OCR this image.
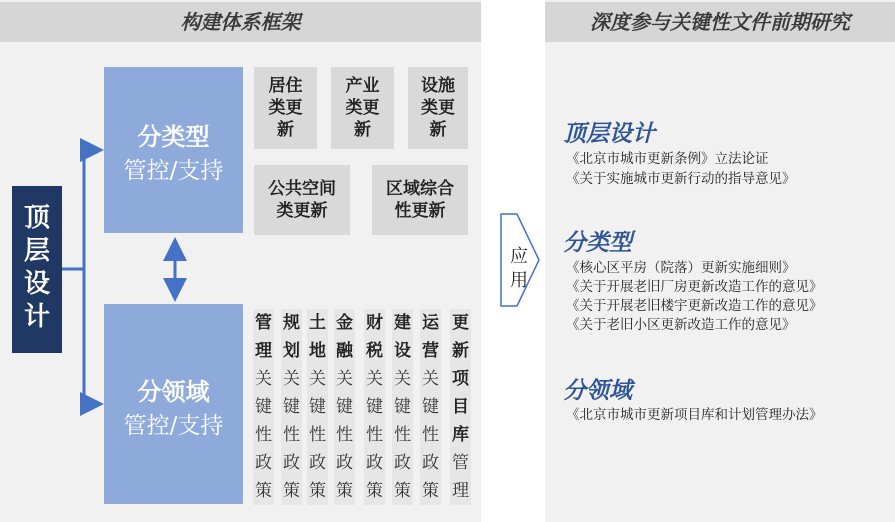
构建体系框架	深度参与关键性文件前期研究
顶层设计
分类型
管控/支持
分领域
管控/支持
居住类更新
产业类更新
设施类更新
公共空间类更新
区域综合性更新
管理
关键性政策
规划
关键性政策
土地
关键性政策
金融
关键性政策
财税
关键性政策
建设
关键性政策
运营
关键性政策
更新项目库
管理
应用
顶层设计
《北京市城市更新条例》立法论证
《关于实施城市更新行动的指导意见》
分类型
《核心区平房（院落）更新实施细则》
《关于开展老旧厂房更新改造工作的意见》
《关于开展老旧楼宇更新改造工作的意见》
《关于老旧小区更新改造工作的意见》
分领域
《北京市城市更新项目库和计划管理办法》
